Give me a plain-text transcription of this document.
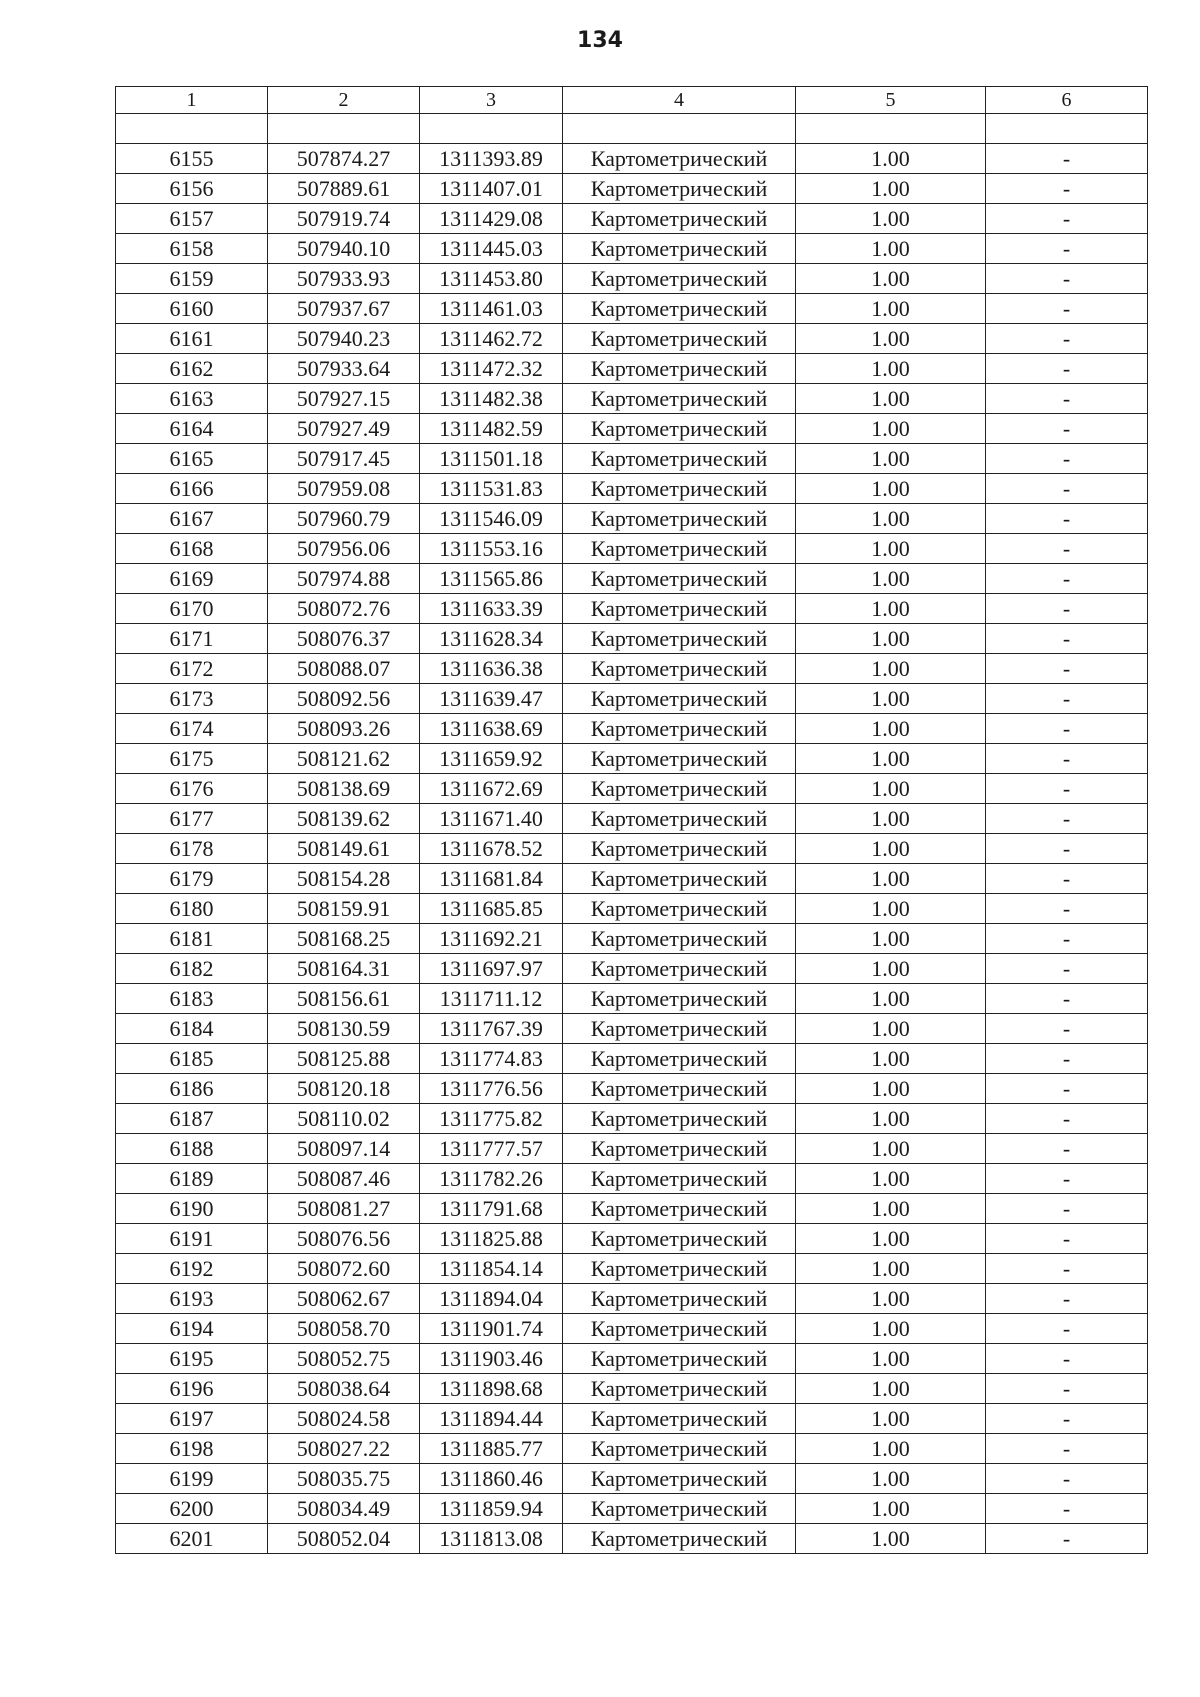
134
1	2	3	4	5	6

6155	507874.27	1311393.89	Картометрический	1.00	-
6156	507889.61	1311407.01	Картометрический	1.00	-
6157	507919.74	1311429.08	Картометрический	1.00	-
6158	507940.10	1311445.03	Картометрический	1.00	-
6159	507933.93	1311453.80	Картометрический	1.00	-
6160	507937.67	1311461.03	Картометрический	1.00	-
6161	507940.23	1311462.72	Картометрический	1.00	-
6162	507933.64	1311472.32	Картометрический	1.00	-
6163	507927.15	1311482.38	Картометрический	1.00	-
6164	507927.49	1311482.59	Картометрический	1.00	-
6165	507917.45	1311501.18	Картометрический	1.00	-
6166	507959.08	1311531.83	Картометрический	1.00	-
6167	507960.79	1311546.09	Картометрический	1.00	-
6168	507956.06	1311553.16	Картометрический	1.00	-
6169	507974.88	1311565.86	Картометрический	1.00	-
6170	508072.76	1311633.39	Картометрический	1.00	-
6171	508076.37	1311628.34	Картометрический	1.00	-
6172	508088.07	1311636.38	Картометрический	1.00	-
6173	508092.56	1311639.47	Картометрический	1.00	-
6174	508093.26	1311638.69	Картометрический	1.00	-
6175	508121.62	1311659.92	Картометрический	1.00	-
6176	508138.69	1311672.69	Картометрический	1.00	-
6177	508139.62	1311671.40	Картометрический	1.00	-
6178	508149.61	1311678.52	Картометрический	1.00	-
6179	508154.28	1311681.84	Картометрический	1.00	-
6180	508159.91	1311685.85	Картометрический	1.00	-
6181	508168.25	1311692.21	Картометрический	1.00	-
6182	508164.31	1311697.97	Картометрический	1.00	-
6183	508156.61	1311711.12	Картометрический	1.00	-
6184	508130.59	1311767.39	Картометрический	1.00	-
6185	508125.88	1311774.83	Картометрический	1.00	-
6186	508120.18	1311776.56	Картометрический	1.00	-
6187	508110.02	1311775.82	Картометрический	1.00	-
6188	508097.14	1311777.57	Картометрический	1.00	-
6189	508087.46	1311782.26	Картометрический	1.00	-
6190	508081.27	1311791.68	Картометрический	1.00	-
6191	508076.56	1311825.88	Картометрический	1.00	-
6192	508072.60	1311854.14	Картометрический	1.00	-
6193	508062.67	1311894.04	Картометрический	1.00	-
6194	508058.70	1311901.74	Картометрический	1.00	-
6195	508052.75	1311903.46	Картометрический	1.00	-
6196	508038.64	1311898.68	Картометрический	1.00	-
6197	508024.58	1311894.44	Картометрический	1.00	-
6198	508027.22	1311885.77	Картометрический	1.00	-
6199	508035.75	1311860.46	Картометрический	1.00	-
6200	508034.49	1311859.94	Картометрический	1.00	-
6201	508052.04	1311813.08	Картометрический	1.00	-
